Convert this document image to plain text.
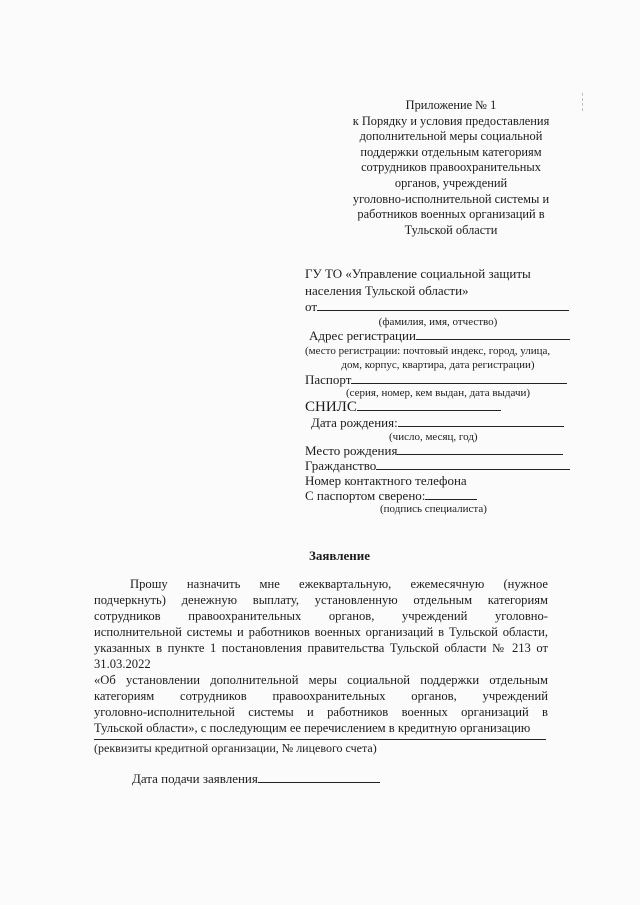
¦
¦
Приложение № 1
к Порядку и условия предоставления
дополнительной меры социальной
поддержки отдельным категориям
сотрудников правоохранительных
органов, учреждений
уголовно-исполнительной системы и
работников военных организаций в
Тульской области
ГУ ТО «Управление социальной защиты
населения Тульской области»
от
(фамилия, имя, отчество)
Адрес регистрации
(место регистрации: почтовый индекс, город, улица,
дом, корпус, квартира, дата регистрации)
Паспорт
(серия, номер, кем выдан, дата выдачи)
СНИЛС
Дата рождения:
(число, месяц, год)
Место рождения
Гражданство
Номер контактного телефона
С паспортом сверено:
(подпись специалиста)
Заявление
Прошу назначить мне ежеквартальную, ежемесячную (нужное
подчеркнуть) денежную выплату, установленную отдельным категориям
сотрудников правоохранительных органов, учреждений уголовно-
исполнительной системы и работников военных организаций в Тульской области,
указанных в пункте 1 постановления правительства Тульской области № 213 от
31.03.2022
«Об установлении дополнительной меры социальной поддержки отдельным
категориям сотрудников правоохранительных органов, учреждений
уголовно-исполнительной системы и работников военных организаций в
Тульской области», с последующим ее перечислением в кредитную организацию
(реквизиты кредитной организации, № лицевого счета)
Дата подачи заявления
